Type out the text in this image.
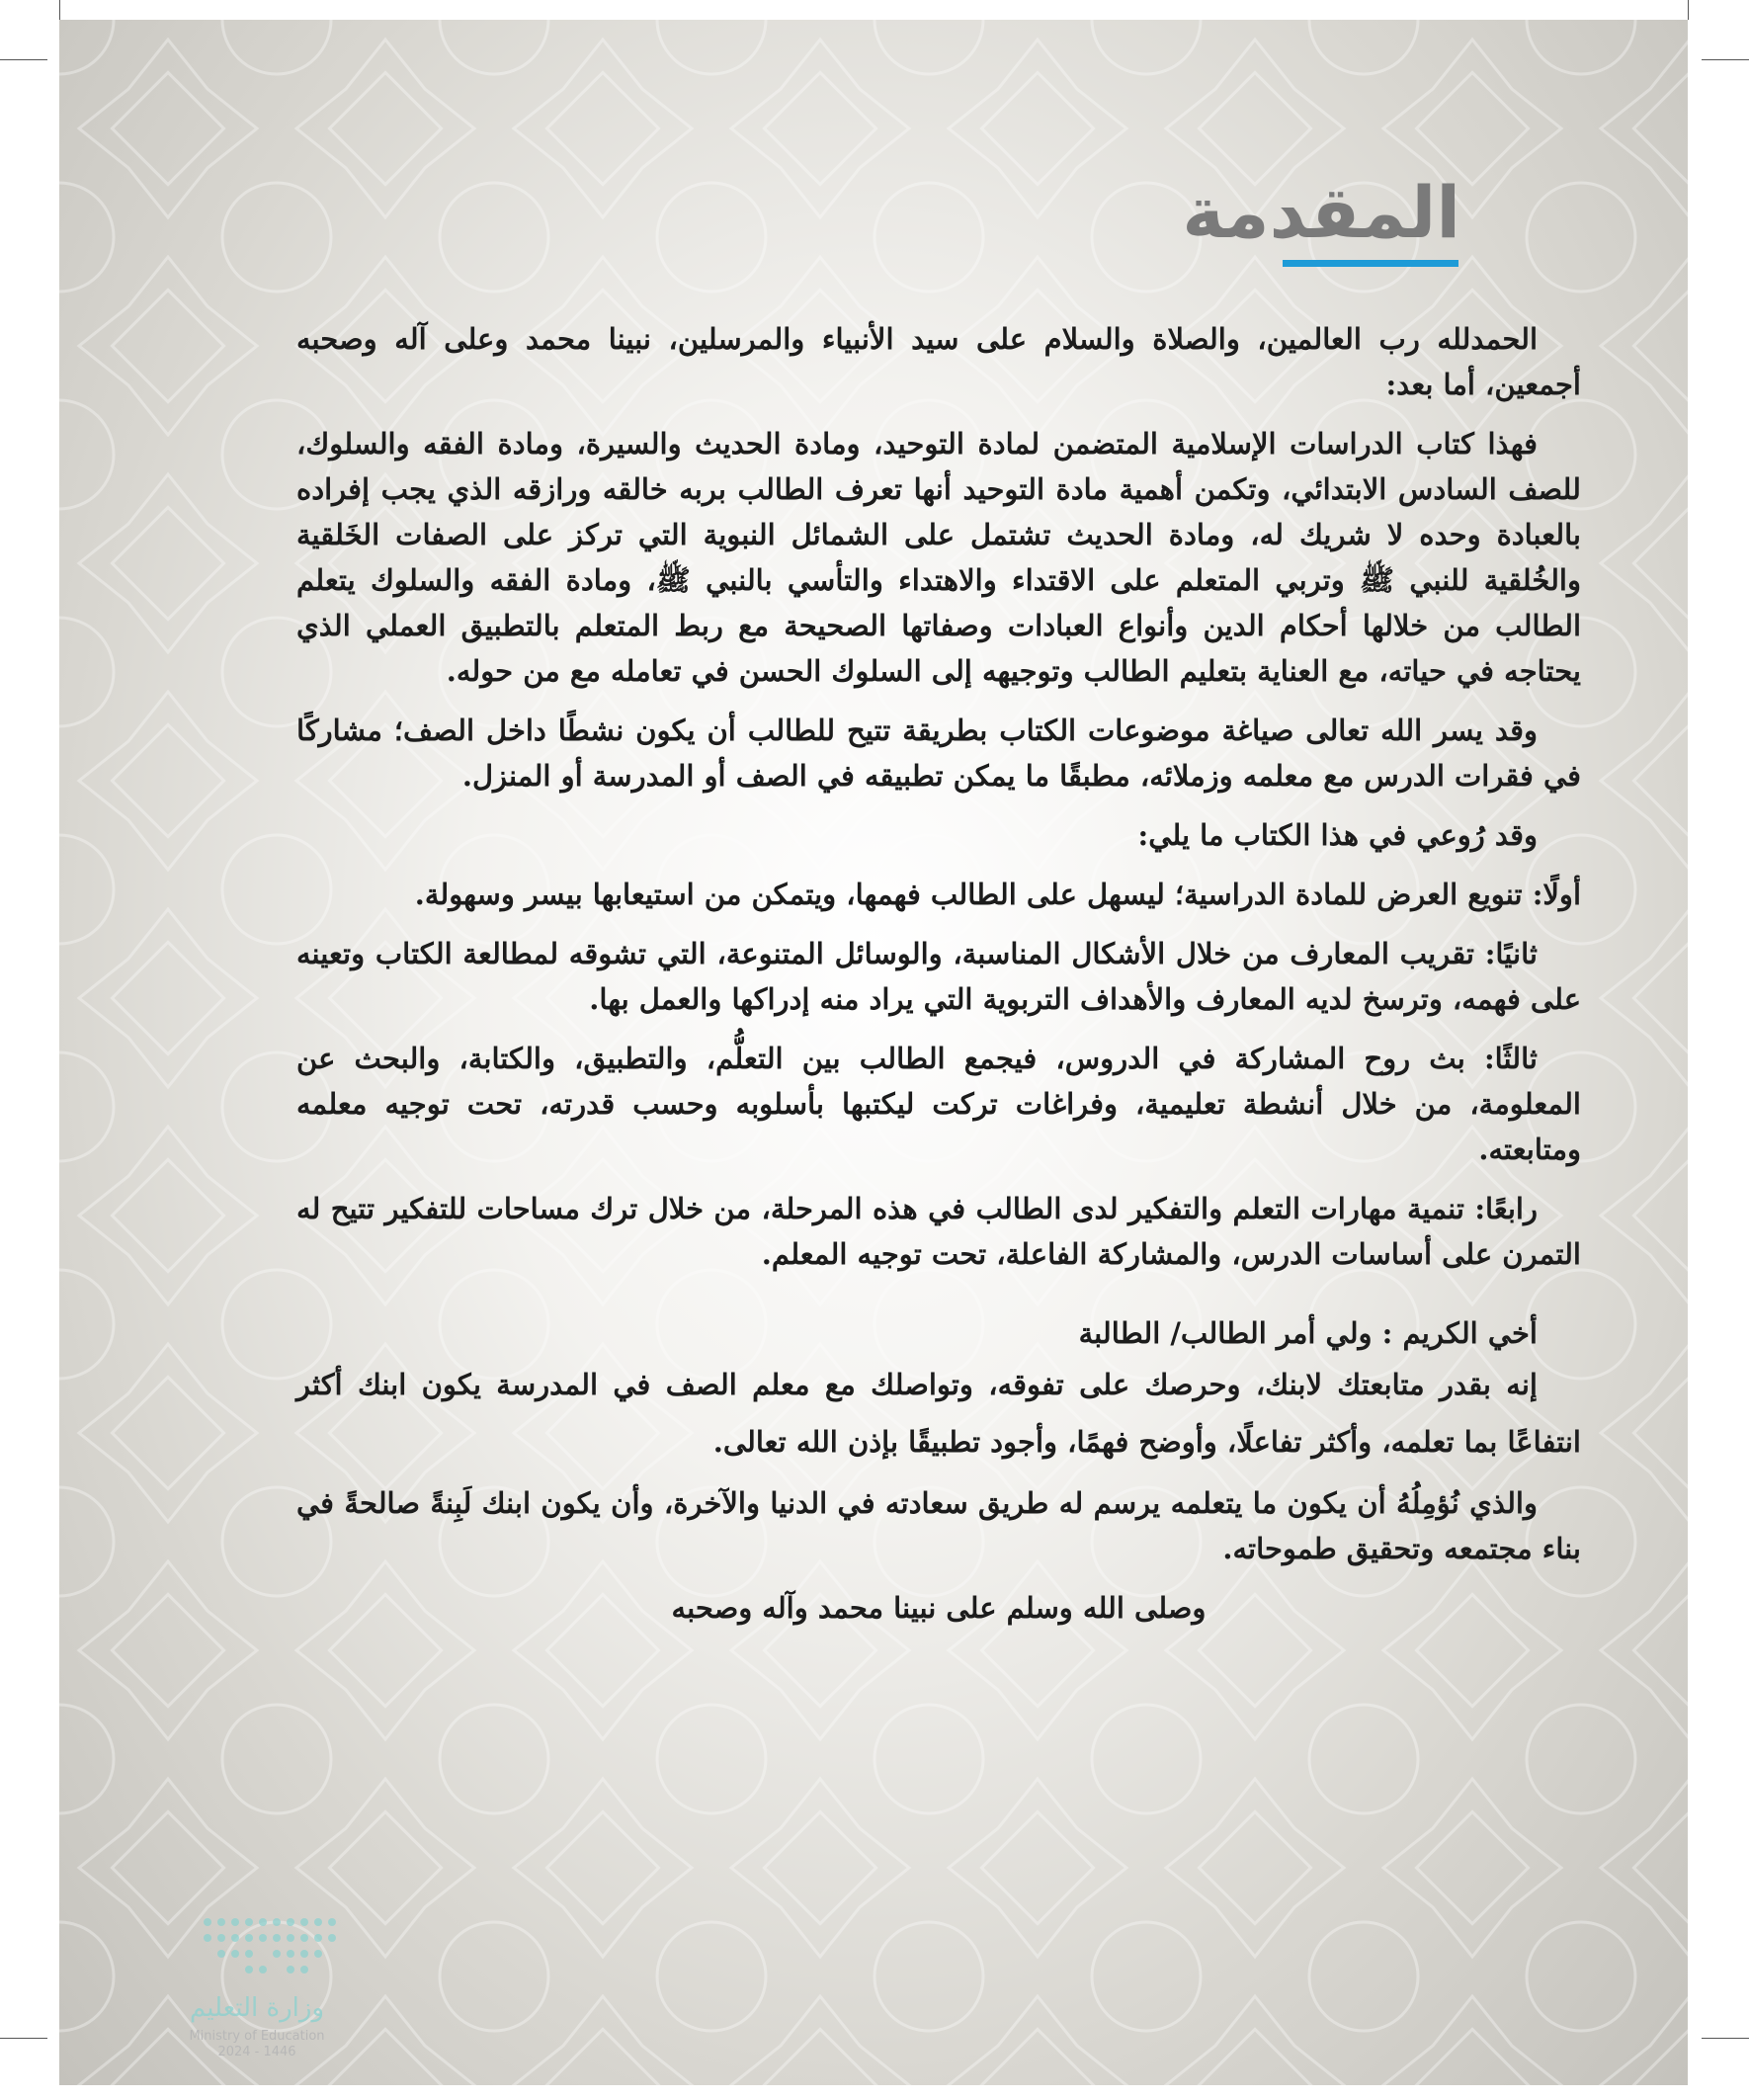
المقدمة

الحمدلله رب العالمين، والصلاة والسلام على سيد الأنبياء والمرسلين، نبينا محمد وعلى آله وصحبه أجمعين، أما بعد:

فهذا كتاب الدراسات الإسلامية المتضمن لمادة التوحيد، ومادة الحديث والسيرة، ومادة الفقه والسلوك، للصف السادس الابتدائي، وتكمن أهمية مادة التوحيد أنها تعرف الطالب بربه خالقه ورازقه الذي يجب إفراده بالعبادة وحده لا شريك له، ومادة الحديث تشتمل على الشمائل النبوية التي تركز على الصفات الخَلقية والخُلقية للنبي ﷺ وتربي المتعلم على الاقتداء والاهتداء والتأسي بالنبي ﷺ، ومادة الفقه والسلوك يتعلم الطالب من خلالها أحكام الدين وأنواع العبادات وصفاتها الصحيحة مع ربط المتعلم بالتطبيق العملي الذي يحتاجه في حياته، مع العناية بتعليم الطالب وتوجيهه إلى السلوك الحسن في تعامله مع من حوله.

وقد يسر الله تعالى صياغة موضوعات الكتاب بطريقة تتيح للطالب أن يكون نشطًا داخل الصف؛ مشاركًا في فقرات الدرس مع معلمه وزملائه، مطبقًا ما يمكن تطبيقه في الصف أو المدرسة أو المنزل.

وقد رُوعي في هذا الكتاب ما يلي:

أولًا: تنويع العرض للمادة الدراسية؛ ليسهل على الطالب فهمها، ويتمكن من استيعابها بيسر وسهولة.

ثانيًا: تقريب المعارف من خلال الأشكال المناسبة، والوسائل المتنوعة، التي تشوقه لمطالعة الكتاب وتعينه على فهمه، وترسخ لديه المعارف والأهداف التربوية التي يراد منه إدراكها والعمل بها.

ثالثًا: بث روح المشاركة في الدروس، فيجمع الطالب بين التعلُّم، والتطبيق، والكتابة، والبحث عن المعلومة، من خلال أنشطة تعليمية، وفراغات تركت ليكتبها بأسلوبه وحسب قدرته، تحت توجيه معلمه ومتابعته.

رابعًا: تنمية مهارات التعلم والتفكير لدى الطالب في هذه المرحلة، من خلال ترك مساحات للتفكير تتيح له التمرن على أساسات الدرس، والمشاركة الفاعلة، تحت توجيه المعلم.

أخي الكريم : ولي أمر الطالب/ الطالبة

إنه بقدر متابعتك لابنك، وحرصك على تفوقه، وتواصلك مع معلم الصف في المدرسة يكون ابنك أكثر انتفاعًا بما تعلمه، وأكثر تفاعلًا، وأوضح فهمًا، وأجود تطبيقًا بإذن الله تعالى.

والذي نُؤمِلُهُ أن يكون ما يتعلمه يرسم له طريق سعادته في الدنيا والآخرة، وأن يكون ابنك لَبِنةً صالحةً في بناء مجتمعه وتحقيق طموحاته.

وصلى الله وسلم على نبينا محمد وآله وصحبه

وزارة التعليم
Ministry of Education
2024 - 1446
